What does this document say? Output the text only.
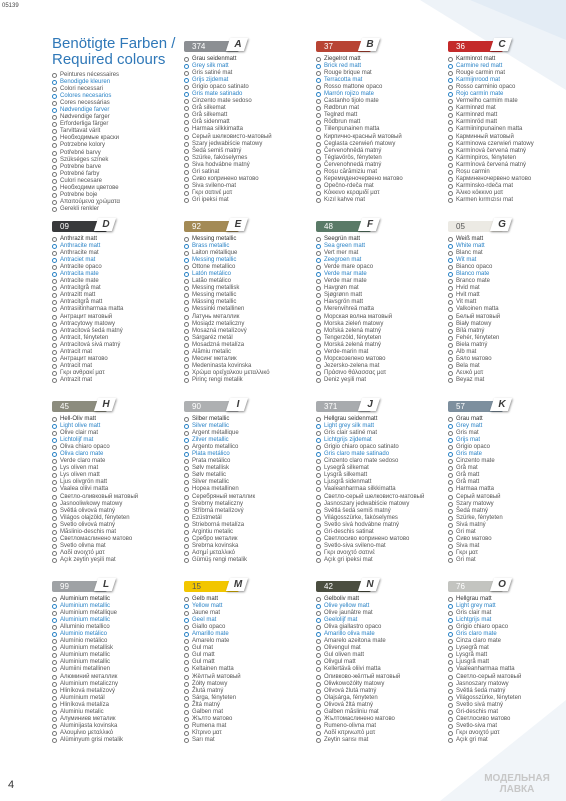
05139
Benötigte Farben /
Required colours
Peintures nécessaires
Benodigde kleuren
Colori necessari
Colores necesarios
Cores necessárias
Nødvendige farver
Nødvendige farger
Erforderliga färger
Tarvittavat värit
Необходимые краски
Potrzebne kolory
Potřebné barvy
Szükséges színek
Potrebne barve
Potrebné farby
Culori necesare
Необходими цветове
Potrebne boje
Απαιτούμενα χρώματα
Gerekli renkler
374	A
Grau seidenmatt
Grey silk matt
Gris satiné mat
Grijs zijdemat
Grigio opaco satinato
Gris mate satinado
Cinzento mate sedoso
Grå silkemat
Grå silkematt
Grå sidenmatt
Harmaa silkkimatta
Серый шелковисто-матовый
Szary jedwabiście matowy
Šedá semiš matný
Szürke, fakóselymes
Siva hodvábne matný
Gri satinat
Сиво копринено матово
Siva svileno-mat
Γκρι σατινέ ματ
Gri ipeksi mat
37	B
Ziegelrot matt
Brick red matt
Rouge brique mat
Terracotta mat
Rosso mattone opaco
Marrón rojizo mate
Castanho tijolo mate
Rødbrun mat
Teglrød matt
Rödbrun matt
Tiilenpunainen matta
Кирпично-красный матовый
Ceglasta czerwień matowy
Červenohnědá matný
Téglavörös, fényteten
Červenohnedá matný
Roșu cărămiziu mat
Керемиденочервено матово
Opečno-rdeča mat
Κόκκινο κεραμιδί ματ
Kızıl kahve mat
36	C
Karminrot matt
Carmine red matt
Rouge carmin mat
Karmijnrood mat
Rosso carminio opaco
Rojo carmín mate
Vermelho carmim mate
Karminrød mat
Karminrød matt
Karminröd matt
Karmiininpunainen matta
Карминный матовый
Karminowa czerwień matowy
Karmínová červená matný
Kárminpiros, fényteten
Karmínová červená matný
Roșu carmin
Карминеночервено матово
Karminsko-rdeča mat
Άλικο κόκκινο ματ
Karmen kırmızısı mat
09	D
Anthrazit matt
Anthracite matt
Anthracite mat
Antraciet mat
Antracite opaco
Antracita mate
Antracite mate
Antracitgrå mat
Antrazitt matt
Antracitgrå matt
Antrasiitinharmaa matta
Антрацит матовый
Antracytowy matowy
Antracitová šedá matný
Antracit, fényteten
Antracitová sivá matný
Antracit mat
Антрацит матово
Antracit mat
Γκρι ανθρακί ματ
Antrazit mat
92	E
Messing metallic
Brass metallic
Laiton métallique
Messing metallic
Ottone metallico
Latón metálico
Latão metálico
Messing metallisk
Messing metallic
Mässing metallic
Messinki metallinen
Латунь металлик
Mosiądz metaliczny
Mosazná metalízový
Sárgaréz metál
Mosadzná metalíza
Alămiu metalic
Месинг металик
Medeninasta kovinska
Χρώμα ορείχαλκου μεταλλικό
Pirinç rengi metalik
48	F
Seegrün matt
Sea green matt
Vert mer mat
Zeegroen mat
Verde mare opaco
Verde mar mate
Verde mar mate
Havgrøn mat
Sjøgrønn matt
Havsgrön matt
Merenvihreä matta
Морская волна матовый
Morska zieleń matowy
Mořská zelená matný
Tengerzöld, fényteten
Morská zelená matný
Verde-marin mat
Морскозелено матово
Jezersko-zelena mat
Πράσινο θάλασσας ματ
Deniz yeşili mat
05	G
Weiß matt
White matt
Blanc mat
Wit mat
Bianco opaco
Blanco mate
Branco mate
Hvid mat
Hvit matt
Vit matt
Valkoinen matta
Белый матовый
Biały matowy
Bílá matný
Fehér, fényteten
Biela matný
Alb mat
Бяло матово
Bela mat
Λευκό ματ
Beyaz mat
45	H
Hell-Oliv matt
Light olive matt
Olive clair mat
Lichtolijf mat
Oliva chiaro opaco
Oliva claro mate
Verde claro mate
Lys oliven mat
Lys oliven matt
Ljus olivgrön matt
Vaalea oliivi matta
Светло-оливковый матовый
Jasnooliwkowy matowy
Světlá olivová matný
Világos olajzöld, fényteten
Svetlo olivová matný
Măslinio-deschis mat
Светломаслинено матово
Svetlo olivna mat
Λαδί ανοιχτό ματ
Açık zeytin yeşili mat
90	I
Silber metallic
Silver metallic
Argent métallique
Zilver metallic
Argento metallico
Plata metálico
Prata metálico
Sølv metallisk
Sølv metallic
Silver metallic
Hopea metallinen
Серебряный металлик
Srebrny metaliczny
Stříbrná metalízový
Ezüstmetál
Strieborná metalíza
Argintiu metalic
Сребро металик
Srebrna kovinska
Ασημί μεταλλικό
Gümüş rengi metalik
371	J
Hellgrau seidenmatt
Light grey silk matt
Gris clair satiné mat
Lichtgrijs zijdemat
Grigio chiaro opaco satinato
Gris claro mate satinado
Cinzento claro mate sedoso
Lysegrå silkemat
Lysgrå silkematt
Ljusgrå sidenmatt
Vaaleanharmaa silkkimatta
Светло-серый шелковисто-матовый
Jasnoszary jedwabiście matowy
Světlá šedá semiš matný
Világosszürke, fakóselymes
Svetlo sivá hodvábne matný
Gri-deschis satinat
Светлосиво копринено матово
Svetlo-siva svileno-mat
Γκρι ανοιχτό σατινέ
Açık gri ipeksi mat
57	K
Grau matt
Grey matt
Gris mat
Grijs mat
Grigio opaco
Gris mate
Cinzento mate
Grå mat
Grå matt
Grå matt
Harmaa matta
Серый матовый
Szary matowy
Šedá matný
Szürke, fényteten
Sivá matný
Gri mat
Сиво матово
Siva mat
Γκρι ματ
Gri mat
99	L
Aluminium metallic
Aluminium metallic
Aluminium métallique
Aluminium metallic
Alluminio metallico
Aluminio metálico
Alumínio metálico
Aluminium metallisk
Aluminium metallic
Aluminium metallic
Alumiini metallinen
Алюминий металлик
Aluminium metaliczny
Hliníková metalízový
Alumínium metál
Hliníková metalíza
Aluminiu metalic
Алуминиев металик
Aluminijasta kovinska
Αλουμίνιο μεταλλικό
Alüminyum grisi metalik
15	M
Gelb matt
Yellow matt
Jaune mat
Geel mat
Giallo opaco
Amarillo mate
Amarelo mate
Gul mat
Gul matt
Gul matt
Keltainen matta
Жёлтый матовый
Żółty matowy
Žlutá matný
Sárga, fényteten
Žltá matný
Galben mat
Жълто матово
Rumena mat
Κίτρινο ματ
Sarı mat
42	N
Gelboliv matt
Olive yellow matt
Olive jaunâtre mat
Geelolijf mat
Oliva giallastro opaco
Amarillo oliva mate
Amarelo azeitona mate
Olivengul mat
Gul oliven matt
Olivgul matt
Kellertävä oliivi matta
Оливково-жёлтый матовый
Oliwkowożółty matowy
Olivová žlutá matný
Olajsárga, fényteten
Olivová žltá matný
Galben măsliniu mat
Жълтомаслинено матово
Rumeno-olivna mat
Λαδί κιτρινωπό ματ
Zeytin sarısı mat
76	O
Hellgrau matt
Light grey matt
Gris clair mat
Lichtgrijs mat
Grigio chiaro opaco
Gris claro mate
Cinza claro mate
Lysegrå mat
Lysgrå matt
Ljusgrå matt
Vaaleanharmaa matta
Светло-серый матовый
Jasnoszary matowy
Světlá šedá matný
Világosszürke, fényteten
Svetlo sivá matný
Gri-deschis mat
Светлосиво матово
Svetlo-siva mat
Γκρι ανοιχτό ματ
Açık gri mat
4
МОДЕЛЬНАЯ
ЛАВКА
